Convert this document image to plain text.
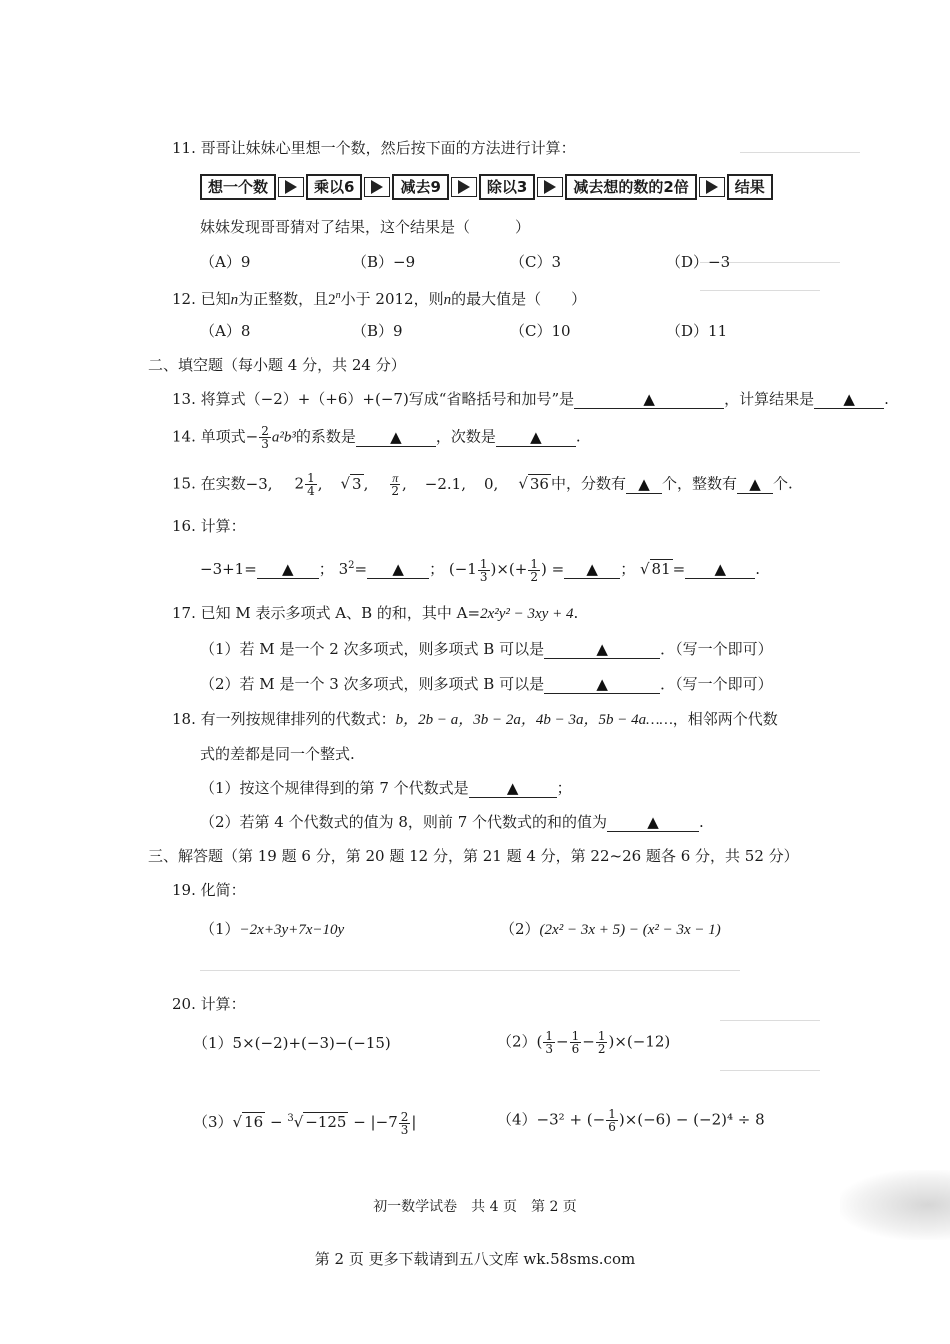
11. 哥哥让妹妹心里想一个数，然后按下面的方法进行计算：
想一个数	乘以6	减去9	除以3	减去想的数的2倍	结果
妹妹发现哥哥猜对了结果，这个结果是（　　　）
（A）9	（B）−9	（C）3	（D）−3
12. 已知n为正整数，且2$^n$小于 2012，则n的最大值是（　　）
（A）8	（B）9	（C）10	（D）11
二、填空题（每小题 4 分，共 24 分）
13. 将算式（−2）+（+6）+(−7)写成“省略括号和加号”是	▲	，计算结果是 ▲ .
14. 单项式− $\frac{2}{3} a^2b^3$的系数是 ▲ ，次数是 ▲ .
15. 在实数−3, $2 \frac{1}{4}$ , √ 3 , $\frac{\pi}{2}$ , −2.1, 0, √ 36 中，分数有 ▲ 个，整数有 ▲ 个.
16. 计算：
−3+1= ▲ ； $3^2=$ ▲ ； ($-1 \frac{1}{3}$ )×(+ $\frac{1}{2}$ ) = ▲ ； √ 81 = ▲ .
17. 已知 M 表示多项式 A、B 的和，其中 A=2x²y² − 3xy + 4.
（1）若 M 是一个 2 次多项式，则多项式 B 可以是	▲	．（写一个即可）
（2）若 M 是一个 3 次多项式，则多项式 B 可以是	▲	．（写一个即可）
18. 有一列按规律排列的代数式：b，2b − a，3b − 2a，4b − 3a，5b − 4a……，相邻两个代数
式的差都是同一个整式.
（1）按这个规律得到的第 7 个代数式是	▲	；
（2）若第 4 个代数式的值为 8，则前 7 个代数式的和的值为	▲	.
三、解答题（第 19 题 6 分，第 20 题 12 分，第 21 题 4 分，第 22~26 题各 6 分，共 52 分）
19. 化简：
（1）−2x+3y+7x−10y	（2）(2x² − 3x + 5) − (x² − 3x − 1)
20. 计算：
（1）5×(−2)+(−3)−(−15)	$(2)( \frac{1}{3} - \frac{1}{6} - \frac{1}{2} )\times(-12)$
（3）√ $16 - ^3√ -125 - |-7 \frac{2}{3}$ |	（4）−3² + (− $\frac{1}{6} )\times(-6) - (-2)^4 \div 8$
初一数学试卷　共 4 页　第 2 页
第 2 页 更多下载请到五八文库 wk.58sms.com
